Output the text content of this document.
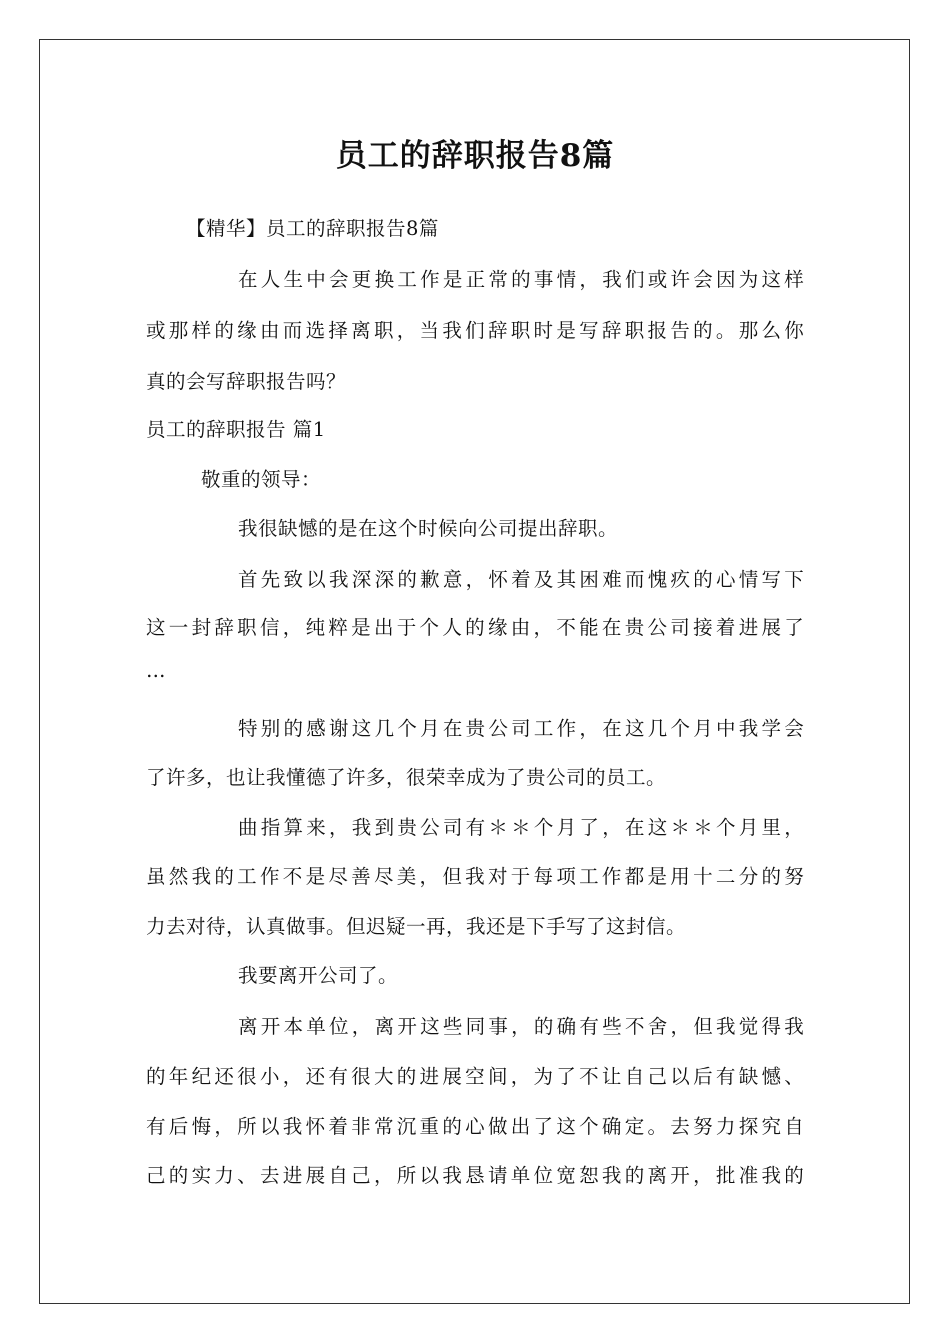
员工的辞职报告8篇
【精华】员工的辞职报告8篇
在人生中会更换工作是正常的事情，我们或许会因为这样
或那样的缘由而选择离职，当我们辞职时是写辞职报告的。那么你
真的会写辞职报告吗？
员工的辞职报告 篇1
敬重的领导：
我很缺憾的是在这个时候向公司提出辞职。
首先致以我深深的歉意，怀着及其困难而愧疚的心情写下
这一封辞职信，纯粹是出于个人的缘由，不能在贵公司接着进展了
…
特别的感谢这几个月在贵公司工作，在这几个月中我学会
了许多，也让我懂德了许多，很荣幸成为了贵公司的员工。
曲指算来，我到贵公司有＊＊个月了，在这＊＊个月里，
虽然我的工作不是尽善尽美，但我对于每项工作都是用十二分的努
力去对待，认真做事。但迟疑一再，我还是下手写了这封信。
我要离开公司了。
离开本单位，离开这些同事，的确有些不舍，但我觉得我
的年纪还很小，还有很大的进展空间，为了不让自己以后有缺憾、
有后悔，所以我怀着非常沉重的心做出了这个确定。去努力探究自
己的实力、去进展自己，所以我恳请单位宽恕我的离开，批准我的
